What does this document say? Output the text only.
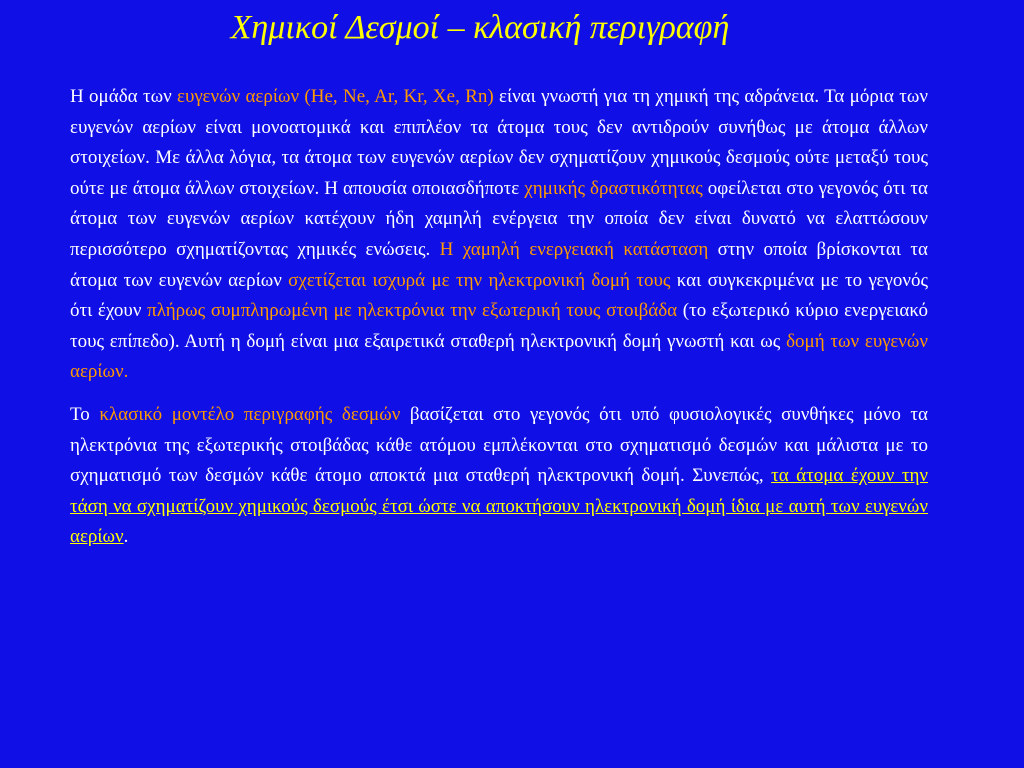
Χημικοί Δεσμοί – κλασική περιγραφή

Η ομάδα των ευγενών αερίων (He, Ne, Ar, Kr, Xe, Rn) είναι γνωστή για τη χημική της αδράνεια. Τα μόρια των ευγενών αερίων είναι μονοατομικά και επιπλέον τα άτομα τους δεν αντιδρούν συνήθως με άτομα άλλων στοιχείων. Με άλλα λόγια, τα άτομα των ευγενών αερίων δεν σχηματίζουν χημικούς δεσμούς ούτε μεταξύ τους ούτε με άτομα άλλων στοιχείων. Η απουσία οποιασδήποτε χημικής δραστικότητας οφείλεται στο γεγονός ότι τα άτομα των ευγενών αερίων κατέχουν ήδη χαμηλή ενέργεια την οποία δεν είναι δυνατό να ελαττώσουν περισσότερο σχηματίζοντας χημικές ενώσεις. Η χαμηλή ενεργειακή κατάσταση στην οποία βρίσκονται τα άτομα των ευγενών αερίων σχετίζεται ισχυρά με την ηλεκτρονική δομή τους και συγκεκριμένα με το γεγονός ότι έχουν πλήρως συμπληρωμένη με ηλεκτρόνια την εξωτερική τους στοιβάδα (το εξωτερικό κύριο ενεργειακό τους επίπεδο). Αυτή η δομή είναι μια εξαιρετικά σταθερή ηλεκτρονική δομή γνωστή και ως δομή των ευγενών αερίων.

Το κλασικό μοντέλο περιγραφής δεσμών βασίζεται στο γεγονός ότι υπό φυσιολογικές συνθήκες μόνο τα ηλεκτρόνια της εξωτερικής στοιβάδας κάθε ατόμου εμπλέκονται στο σχηματισμό δεσμών και μάλιστα με το σχηματισμό των δεσμών κάθε άτομο αποκτά μια σταθερή ηλεκτρονική δομή. Συνεπώς, τα άτομα έχουν την τάση να σχηματίζουν χημικούς δεσμούς έτσι ώστε να αποκτήσουν ηλεκτρονική δομή ίδια με αυτή των ευγενών αερίων.
